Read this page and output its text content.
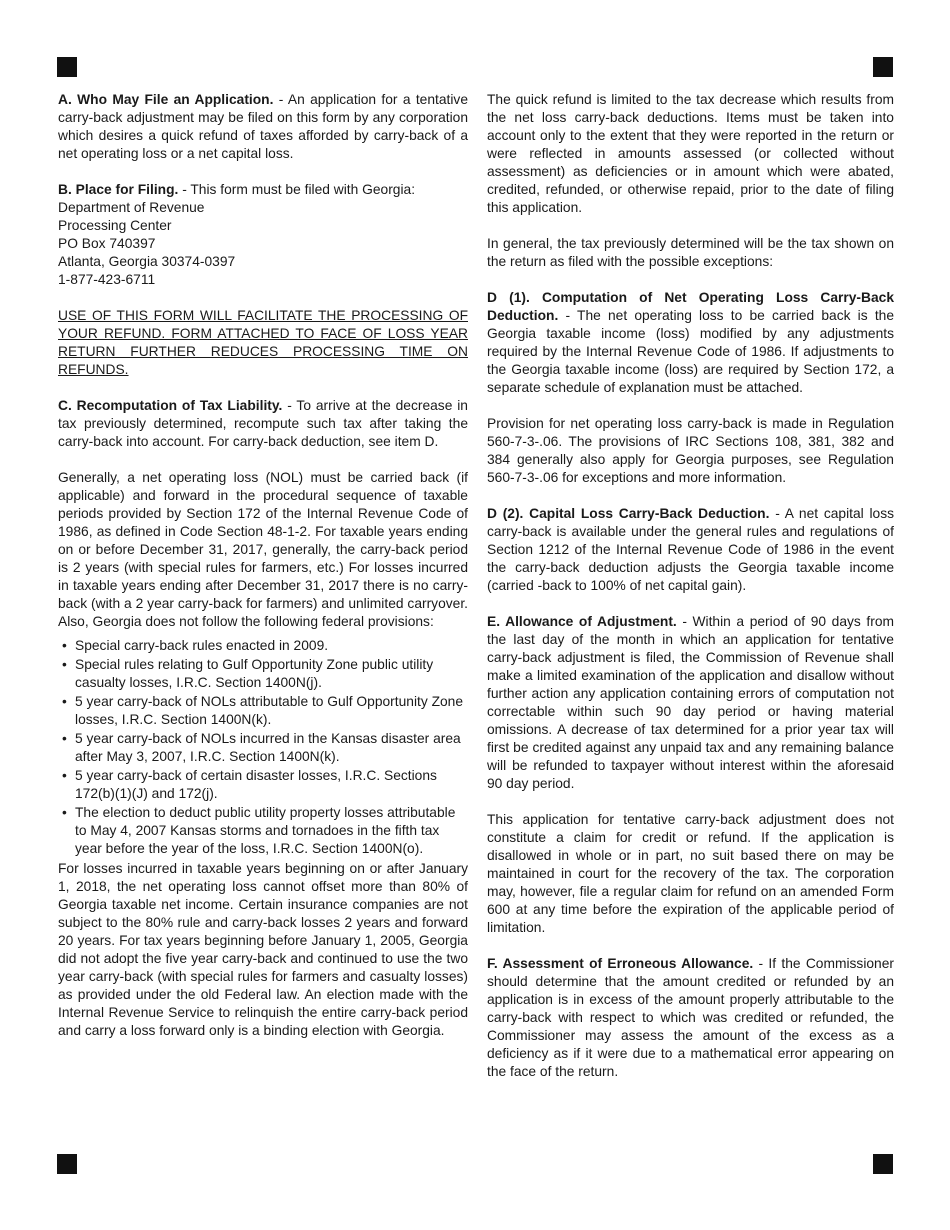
A. Who May File an Application. - An application for a tentative carry-back adjustment may be filed on this form by any corporation which desires a quick refund of taxes afforded by carry-back of a net operating loss or a net capital loss.

B. Place for Filing. - This form must be filed with Georgia:

Department of Revenue
Processing Center
PO Box 740397
Atlanta, Georgia 30374-0397
1-877-423-6711

USE OF THIS FORM WILL FACILITATE THE PROCESSING OF YOUR REFUND. FORM ATTACHED TO FACE OF LOSS YEAR RETURN FURTHER REDUCES PROCESSING TIME ON REFUNDS.

C. Recomputation of Tax Liability. - To arrive at the decrease in tax previously determined, recompute such tax after taking the carry-back into account. For carry-back deduction, see item D.

Generally, a net operating loss (NOL) must be carried back (if applicable) and forward in the procedural sequence of taxable periods provided by Section 172 of the Internal Revenue Code of 1986, as defined in Code Section 48-1-2. For taxable years ending on or before December 31, 2017, generally, the carry-back period is 2 years (with special rules for farmers, etc.) For losses incurred in taxable years ending after December 31, 2017 there is no carry-back (with a 2 year carry-back for farmers) and unlimited carryover. Also, Georgia does not follow the following federal provisions:

• Special carry-back rules enacted in 2009.
• Special rules relating to Gulf Opportunity Zone public utility casualty losses, I.R.C. Section 1400N(j).
• 5 year carry-back of NOLs attributable to Gulf Opportunity Zone losses, I.R.C. Section 1400N(k).
• 5 year carry-back of NOLs incurred in the Kansas disaster area after May 3, 2007, I.R.C. Section 1400N(k).
• 5 year carry-back of certain disaster losses, I.R.C. Sections 172(b)(1)(J) and 172(j).
• The election to deduct public utility property losses attributable to May 4, 2007 Kansas storms and tornadoes in the fifth tax year before the year of the loss, I.R.C. Section 1400N(o).

For losses incurred in taxable years beginning on or after January 1, 2018, the net operating loss cannot offset more than 80% of Georgia taxable net income. Certain insurance companies are not subject to the 80% rule and carry-back losses 2 years and forward 20 years. For tax years beginning before January 1, 2005, Georgia did not adopt the five year carry-back and continued to use the two year carry-back (with special rules for farmers and casualty losses) as provided under the old Federal law. An election made with the Internal Revenue Service to relinquish the entire carry-back period and carry a loss forward only is a binding election with Georgia.

The quick refund is limited to the tax decrease which results from the net loss carry-back deductions. Items must be taken into account only to the extent that they were reported in the return or were reflected in amounts assessed (or collected without assessment) as deficiencies or in amount which were abated, credited, refunded, or otherwise repaid, prior to the date of filing this application.

In general, the tax previously determined will be the tax shown on the return as filed with the possible exceptions:

D (1). Computation of Net Operating Loss Carry-Back Deduction. - The net operating loss to be carried back is the Georgia taxable income (loss) modified by any adjustments required by the Internal Revenue Code of 1986. If adjustments to the Georgia taxable income (loss) are required by Section 172, a separate schedule of explanation must be attached.

Provision for net operating loss carry-back is made in Regulation 560-7-3-.06. The provisions of IRC Sections 108, 381, 382 and 384 generally also apply for Georgia purposes, see Regulation 560-7-3-.06 for exceptions and more information.

D (2). Capital Loss Carry-Back Deduction. - A net capital loss carry-back is available under the general rules and regulations of Section 1212 of the Internal Revenue Code of 1986 in the event the carry-back deduction adjusts the Georgia taxable income (carried -back to 100% of net capital gain).

E. Allowance of Adjustment. - Within a period of 90 days from the last day of the month in which an application for tentative carry-back adjustment is filed, the Commission of Revenue shall make a limited examination of the application and disallow without further action any application containing errors of computation not correctable within such 90 day period or having material omissions. A decrease of tax determined for a prior year tax will first be credited against any unpaid tax and any remaining balance will be refunded to taxpayer without interest within the aforesaid 90 day period.

This application for tentative carry-back adjustment does not constitute a claim for credit or refund. If the application is disallowed in whole or in part, no suit based there on may be maintained in court for the recovery of the tax. The corporation may, however, file a regular claim for refund on an amended Form 600 at any time before the expiration of the applicable period of limitation.

F. Assessment of Erroneous Allowance. - If the Commissioner should determine that the amount credited or refunded by an application is in excess of the amount properly attributable to the carry-back with respect to which was credited or refunded, the Commissioner may assess the amount of the excess as a deficiency as if it were due to a mathematical error appearing on the face of the return.
